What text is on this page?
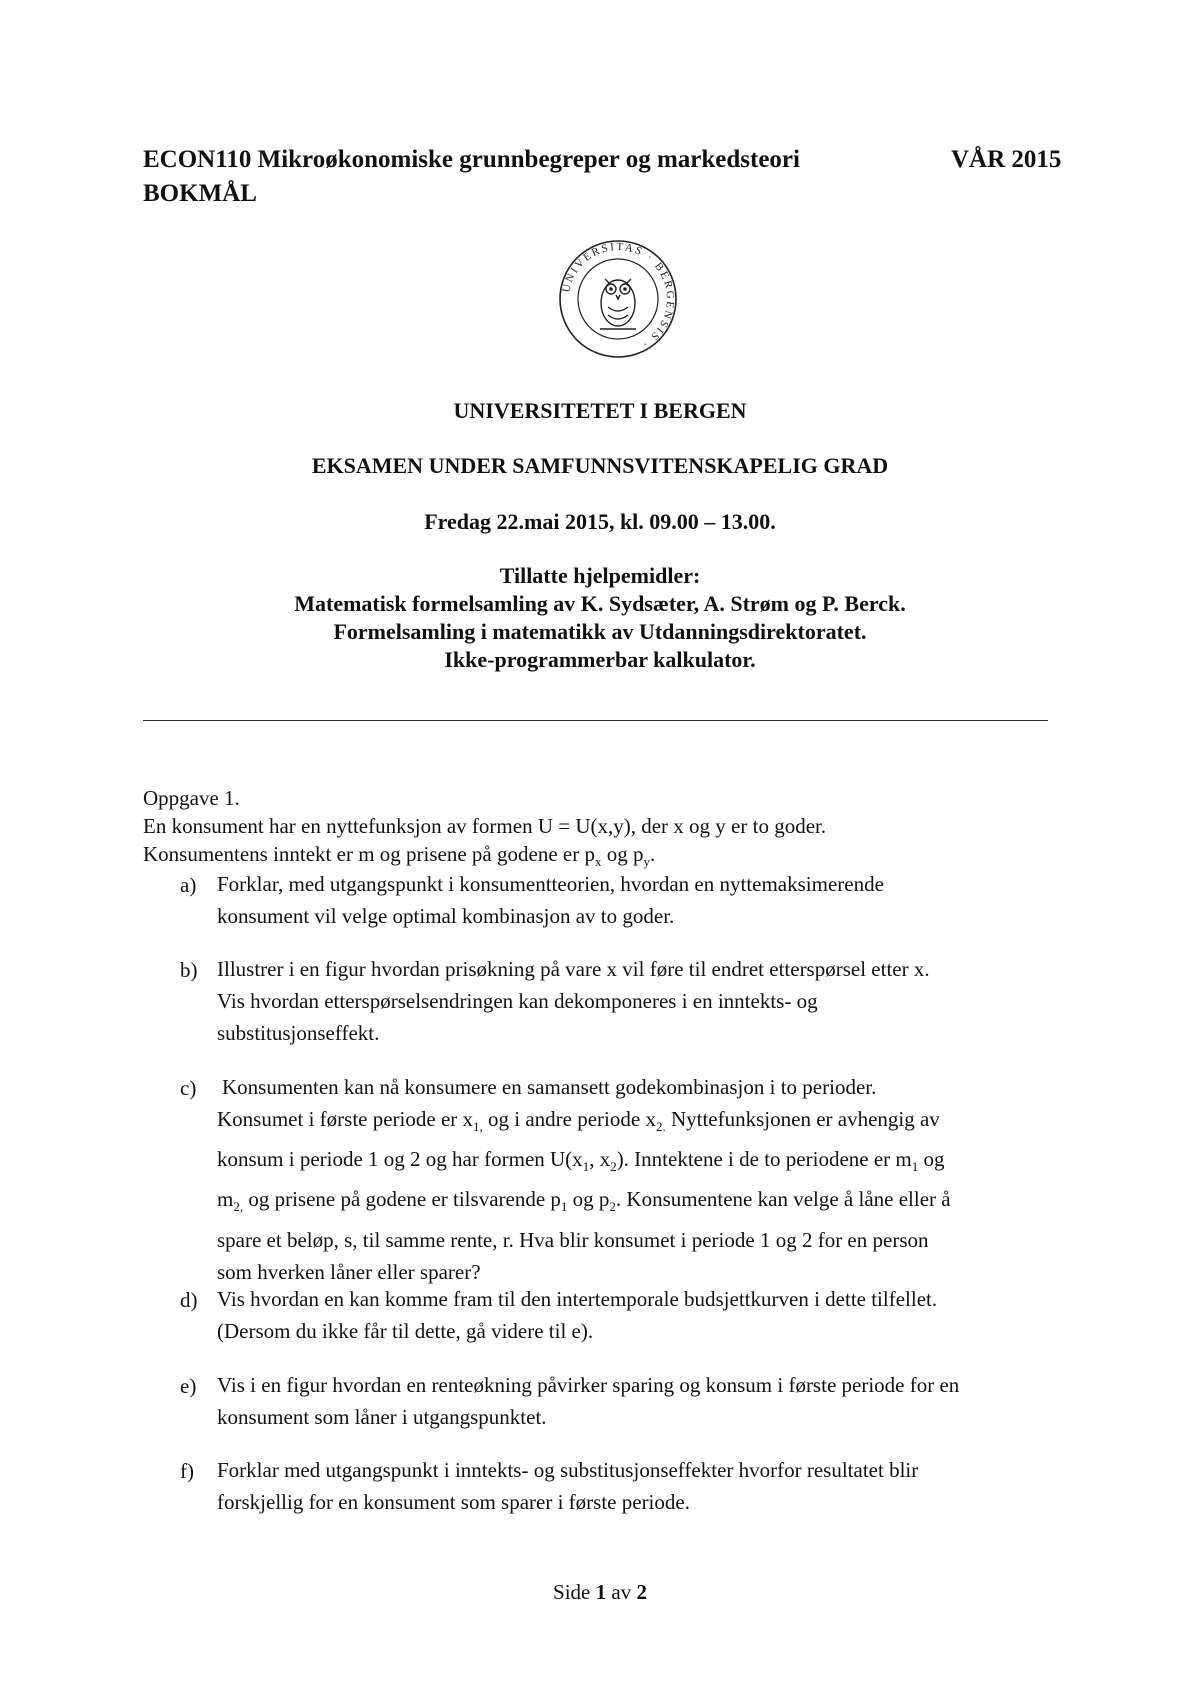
ECON110 Mikroøkonomiske grunnbegreper og markedsteori	VÅR 2015
BOKMÅL
UNIVERSITAS · BERGENSIS ·
UNIVERSITETET I BERGEN
EKSAMEN UNDER SAMFUNNSVITENSKAPELIG GRAD
Fredag 22.mai 2015, kl. 09.00 – 13.00.
Tillatte hjelpemidler:
Matematisk formelsamling av K. Sydsæter, A. Strøm og P. Berck.
Formelsamling i matematikk av Utdanningsdirektoratet.
Ikke-programmerbar kalkulator.
Oppgave 1.
En konsument har en nyttefunksjon av formen U = U(x,y), der x og y er to goder.
Konsumentens inntekt er m og prisene på godene er $p_x$ og $p_y$.
a) Forklar, med utgangspunkt i konsumentteorien, hvordan en nyttemaksimerende

konsument vil velge optimal kombinasjon av to goder.

b) Illustrer i en figur hvordan prisøkning på vare x vil føre til endret etterspørsel etter x.

Vis hvordan etterspørselsendringen kan dekomponeres i en inntekts- og

substitusjonseffekt.

c) Konsumenten kan nå konsumere en samansett godekombinasjon i to perioder.

Konsumet i første periode er $x_{1,}$ og i andre periode $x_{2.}$ Nyttefunksjonen er avhengig av

konsum i periode 1 og 2 og har formen $U(x_1$, $x_2$). Inntektene i de to periodene er $m_1$ og

$m_{2,}$ og prisene på godene er tilsvarende $p_1$ og $p_2$. Konsumentene kan velge å låne eller å

spare et beløp, s, til samme rente, r. Hva blir konsumet i periode 1 og 2 for en person

som hverken låner eller sparer?

d) Vis hvordan en kan komme fram til den intertemporale budsjettkurven i dette tilfellet.

(Dersom du ikke får til dette, gå videre til e).

e) Vis i en figur hvordan en renteøkning påvirker sparing og konsum i første periode for en

konsument som låner i utgangspunktet.

f) Forklar med utgangspunkt i inntekts- og substitusjonseffekter hvorfor resultatet blir

forskjellig for en konsument som sparer i første periode.

Side 1 av 2
